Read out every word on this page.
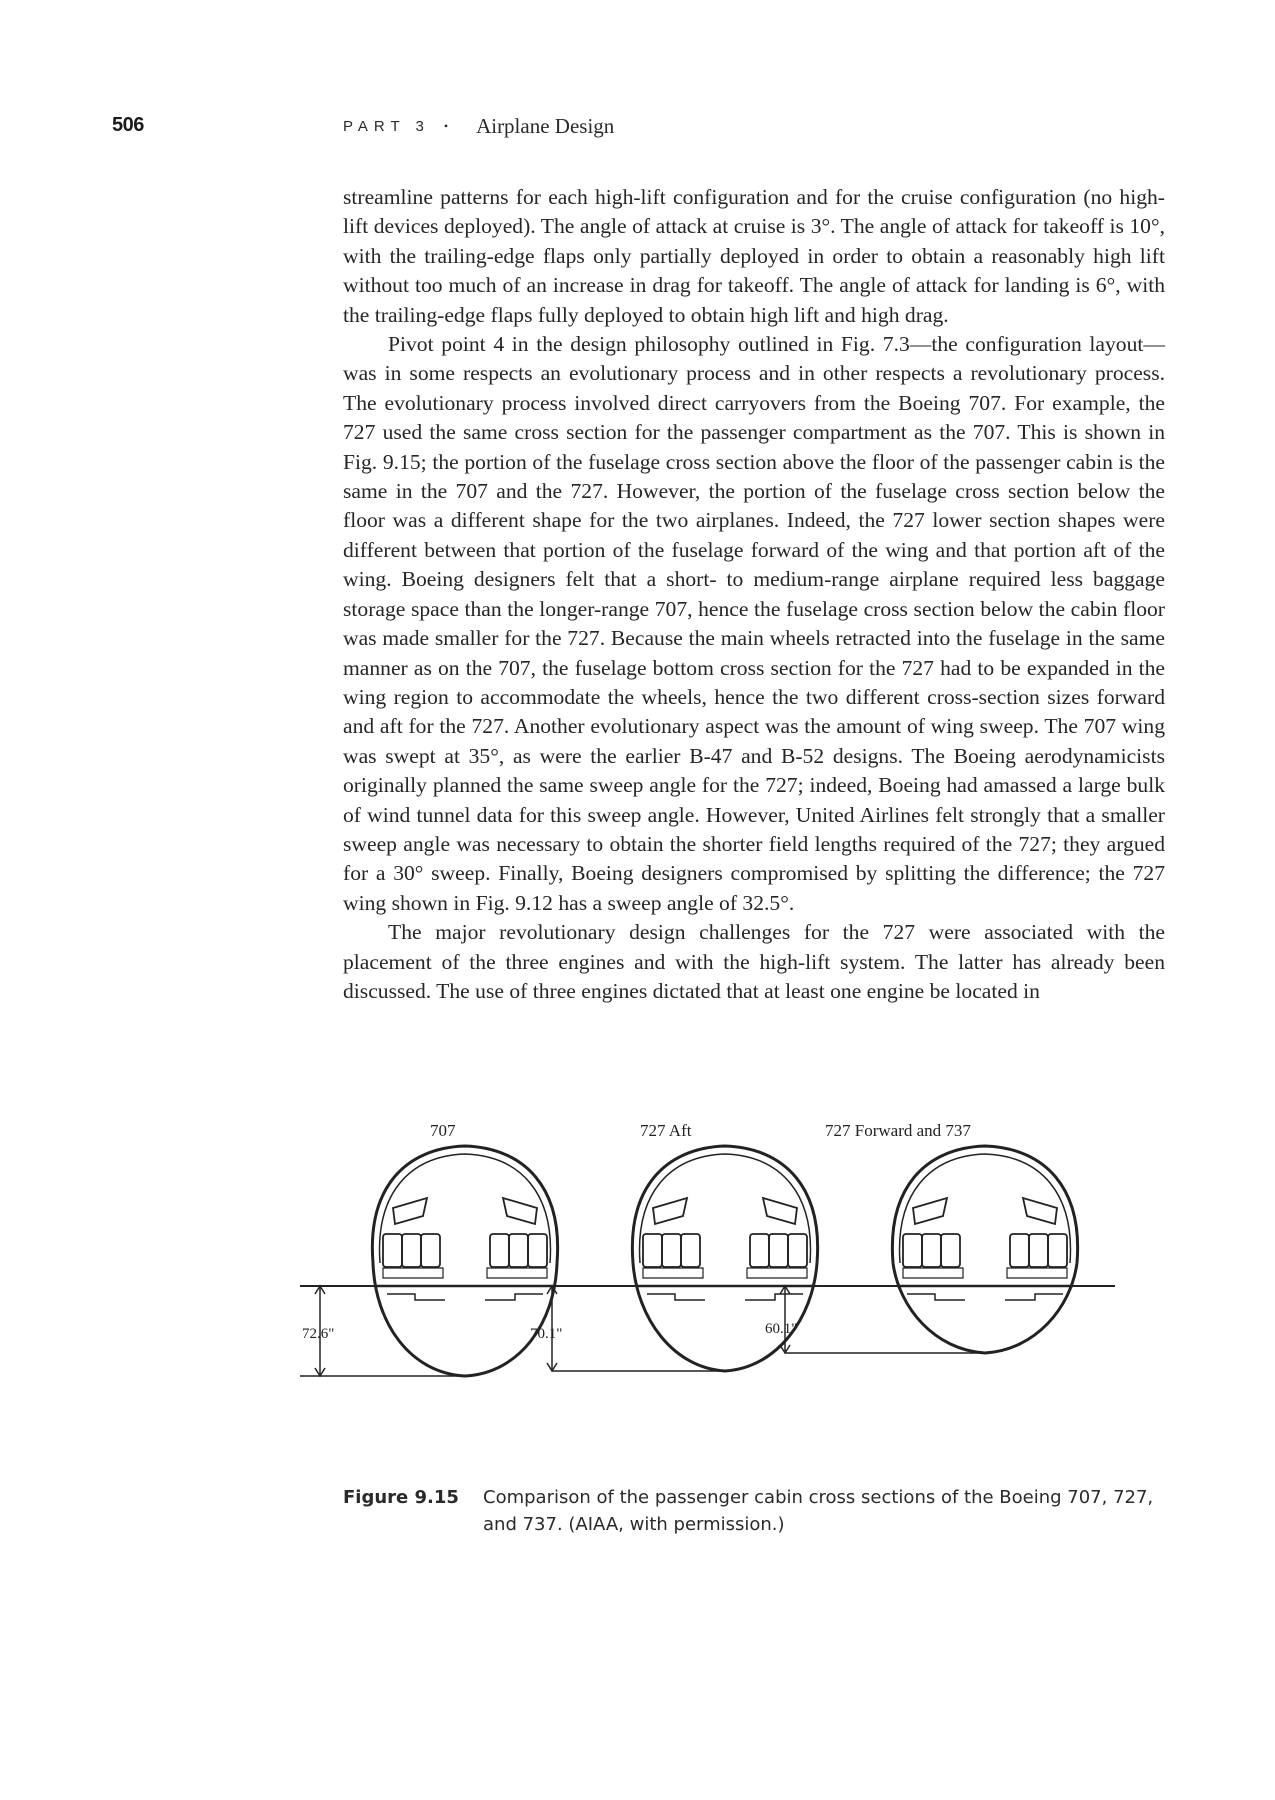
506	PART 3 • Airplane Design

streamline patterns for each high-lift configuration and for the cruise configuration (no high-lift devices deployed). The angle of attack at cruise is 3°. The angle of attack for takeoff is 10°, with the trailing-edge flaps only partially deployed in order to obtain a reasonably high lift without too much of an increase in drag for takeoff. The angle of attack for landing is 6°, with the trailing-edge flaps fully deployed to obtain high lift and high drag.

Pivot point 4 in the design philosophy outlined in Fig. 7.3—the configuration layout—was in some respects an evolutionary process and in other respects a revolutionary process. The evolutionary process involved direct carryovers from the Boeing 707. For example, the 727 used the same cross section for the passenger compartment as the 707. This is shown in Fig. 9.15; the portion of the fuselage cross section above the floor of the passenger cabin is the same in the 707 and the 727. However, the portion of the fuselage cross section below the floor was a different shape for the two airplanes. Indeed, the 727 lower section shapes were different between that portion of the fuselage forward of the wing and that portion aft of the wing. Boeing designers felt that a short- to medium-range airplane required less baggage storage space than the longer-range 707, hence the fuselage cross section below the cabin floor was made smaller for the 727. Because the main wheels retracted into the fuselage in the same manner as on the 707, the fuselage bottom cross section for the 727 had to be expanded in the wing region to accommodate the wheels, hence the two different cross-section sizes forward and aft for the 727. Another evolutionary aspect was the amount of wing sweep. The 707 wing was swept at 35°, as were the earlier B-47 and B-52 designs. The Boeing aerodynamicists originally planned the same sweep angle for the 727; indeed, Boeing had amassed a large bulk of wind tunnel data for this sweep angle. However, United Airlines felt strongly that a smaller sweep angle was necessary to obtain the shorter field lengths required of the 727; they argued for a 30° sweep. Finally, Boeing designers compromised by splitting the difference; the 727 wing shown in Fig. 9.12 has a sweep angle of 32.5°.

The major revolutionary design challenges for the 727 were associated with the placement of the three engines and with the high-lift system. The latter has already been discussed. The use of three engines dictated that at least one engine be located in

707	727 Aft	727 Forward and 737
72.6"	70.1"	60.1"
Figure 9.15	Comparison of the passenger cabin cross sections of the Boeing 707, 727, and 737. (AIAA, with permission.)
